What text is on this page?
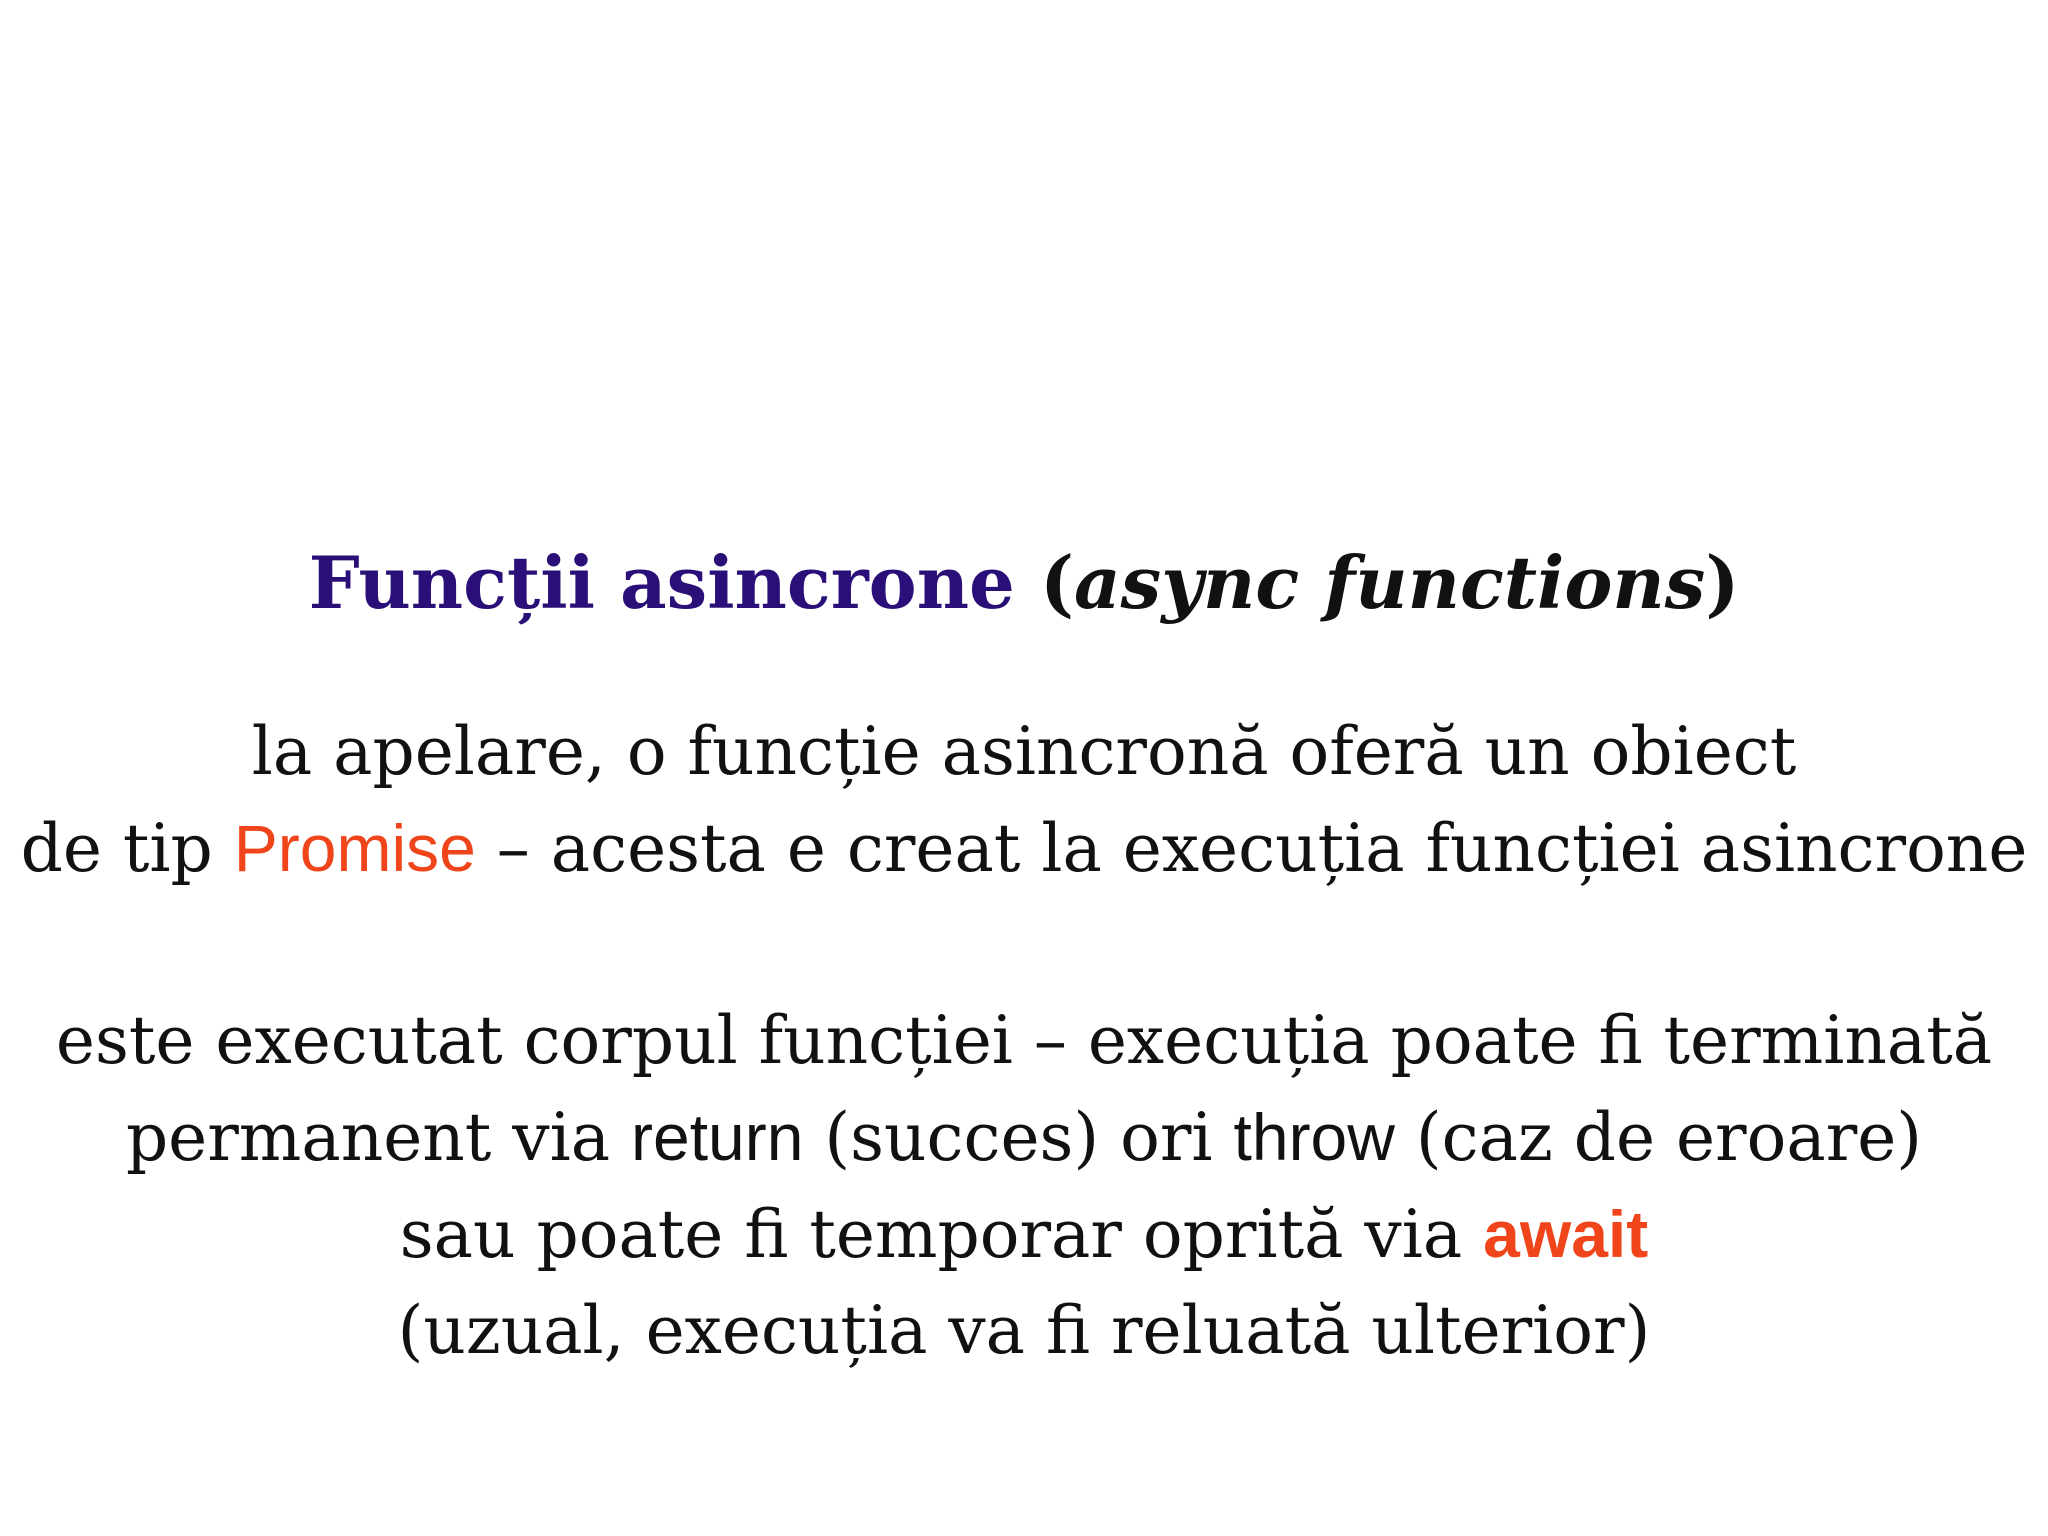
Funcții asincrone (async functions)

la apelare, o funcție asincronă oferă un obiect

de tip Promise – acesta e creat la execuția funcției asincrone

este executat corpul funcției – execuția poate fi terminată

permanent via return (succes) ori throw (caz de eroare)

sau poate fi temporar oprită via await

(uzual, execuția va fi reluată ulterior)
